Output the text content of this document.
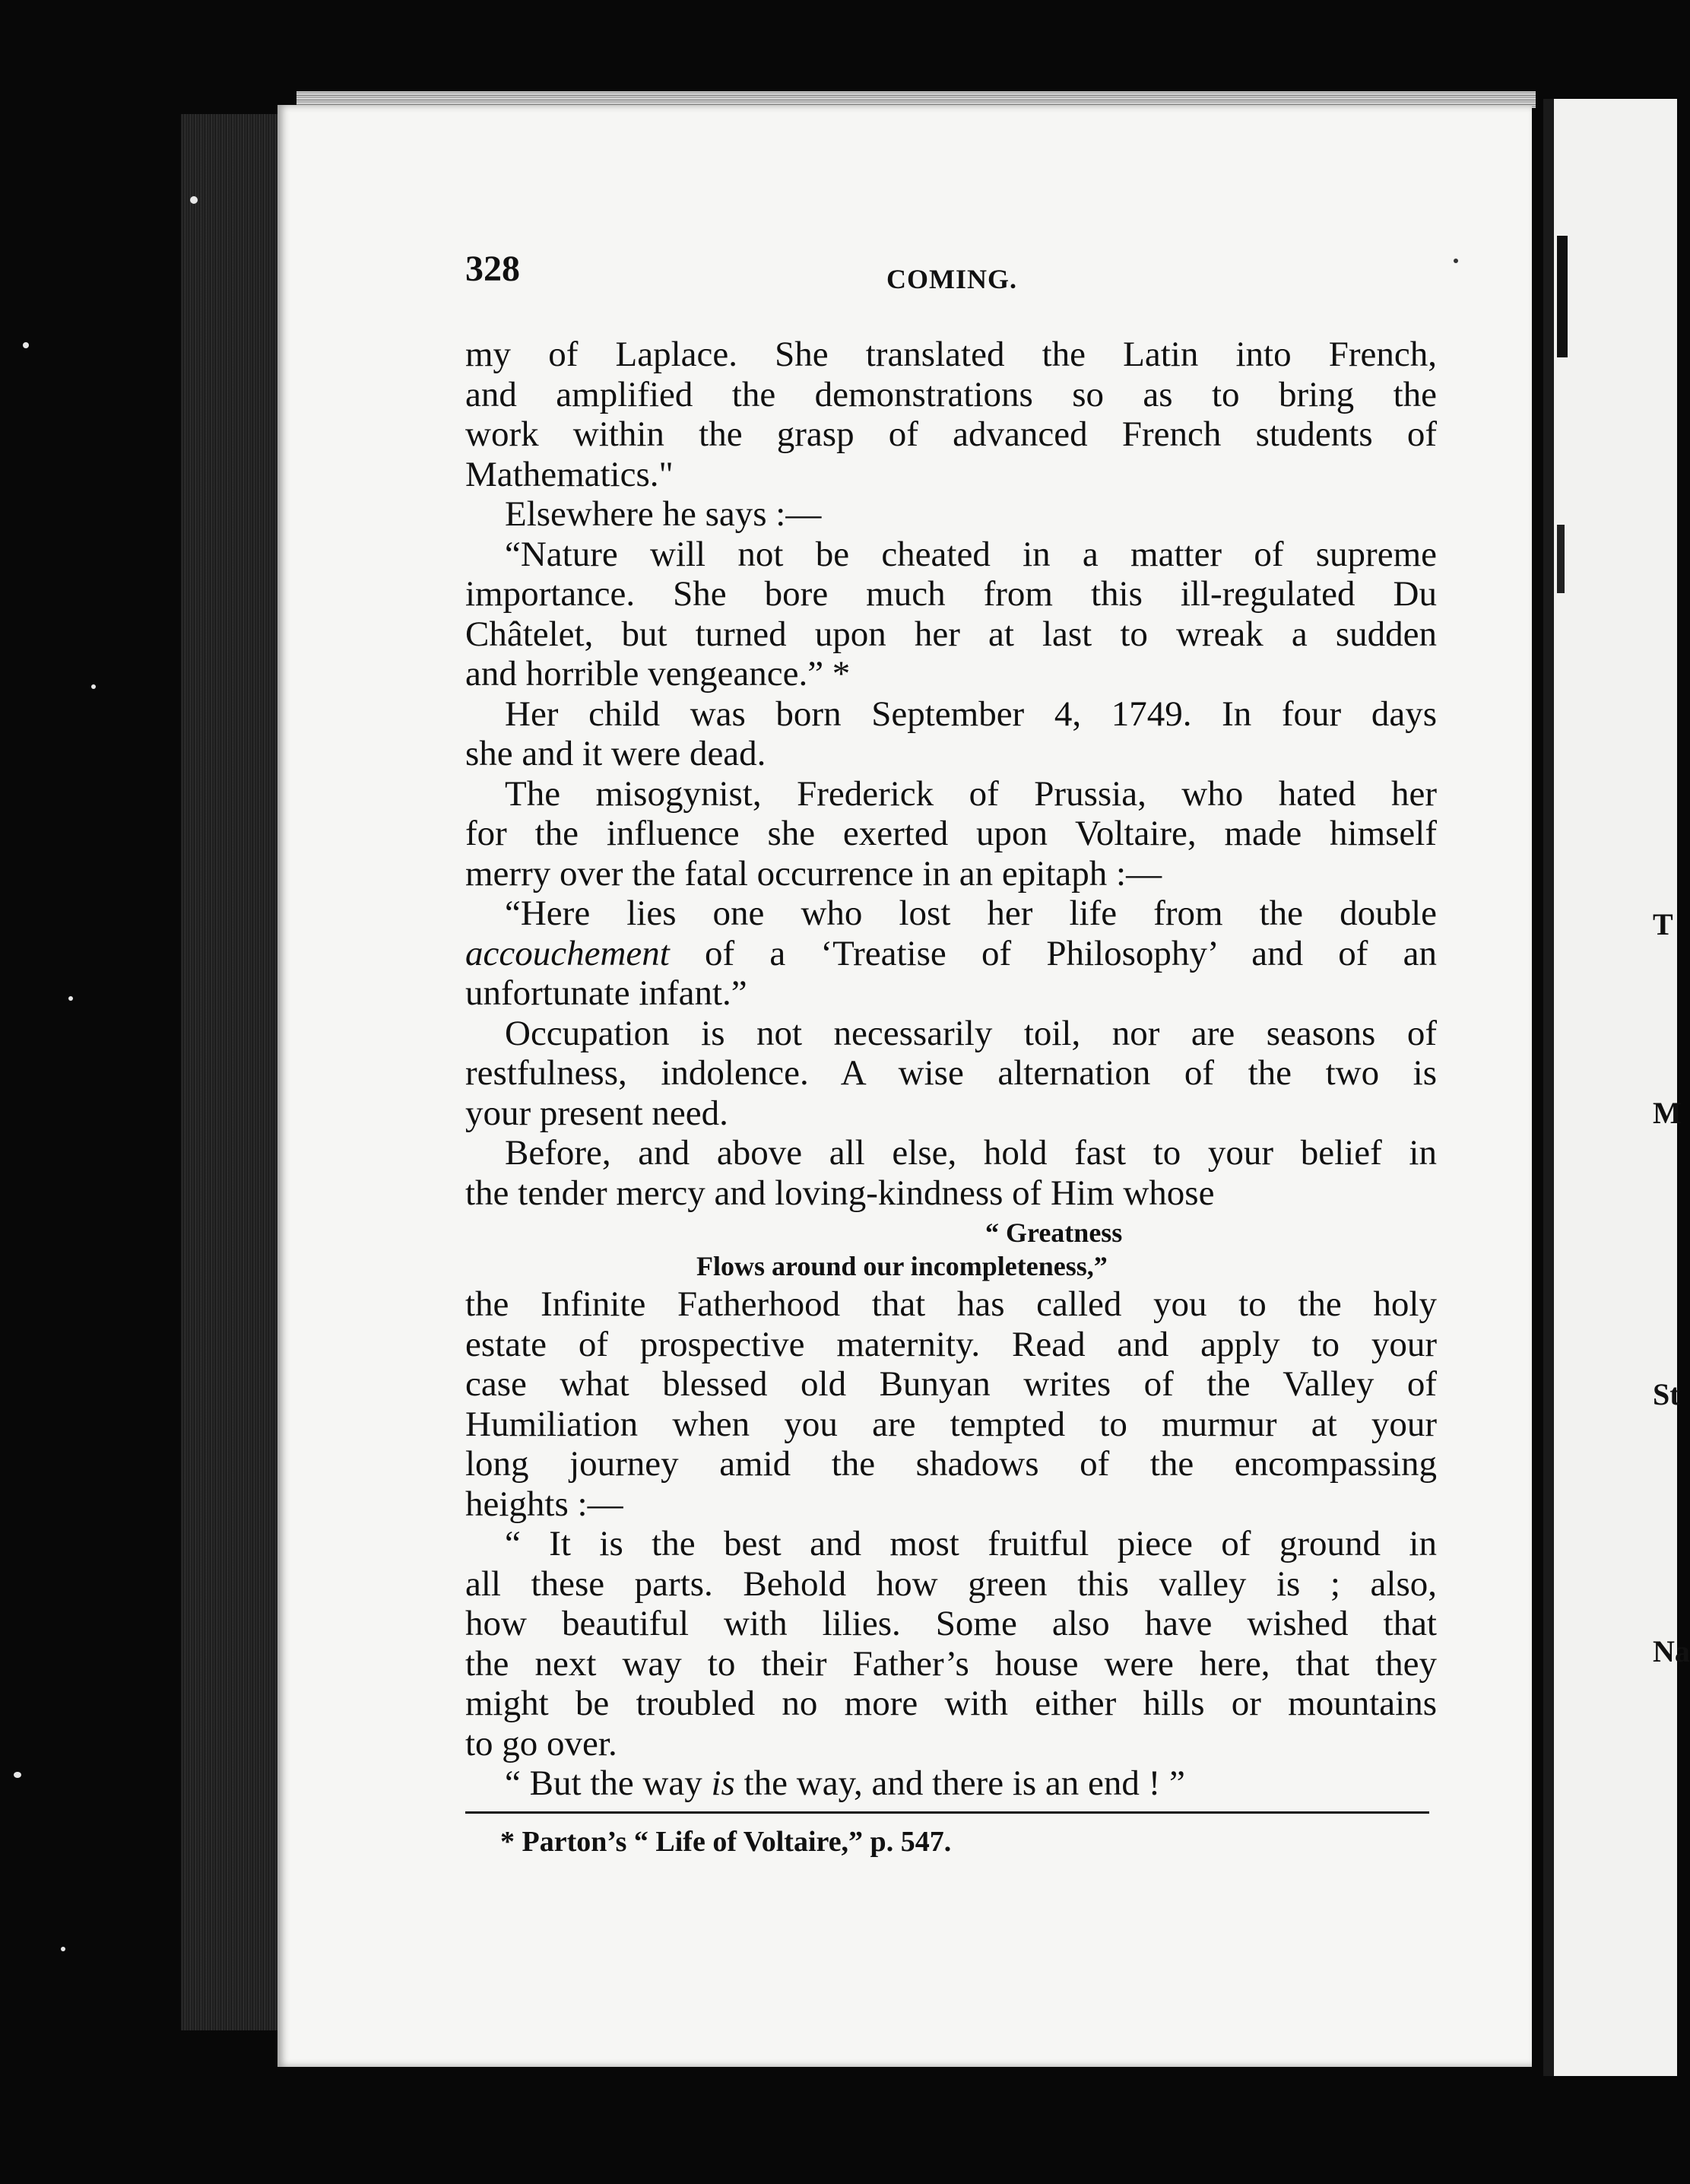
T
M
St
Na
328	COMING.
my of Laplace. She translated the Latin into French,
and amplified the demonstrations so as to bring the
work within the grasp of advanced French students of
Mathematics."
Elsewhere he says :—
“Nature will not be cheated in a matter of supreme
importance. She bore much from this ill-regulated Du
Châtelet, but turned upon her at last to wreak a sudden
and horrible vengeance.” *
Her child was born September 4, 1749. In four days
she and it were dead.
The misogynist, Frederick of Prussia, who hated her
for the influence she exerted upon Voltaire, made himself
merry over the fatal occurrence in an epitaph :—
“Here lies one who lost her life from the double
accouchement of a ‘Treatise of Philosophy’ and of an
unfortunate infant.”
Occupation is not necessarily toil, nor are seasons of
restfulness, indolence. A wise alternation of the two is
your present need.
Before, and above all else, hold fast to your belief in
the tender mercy and loving-kindness of Him whose
“ Greatness
Flows around our incompleteness,”
the Infinite Fatherhood that has called you to the holy
estate of prospective maternity. Read and apply to your
case what blessed old Bunyan writes of the Valley of
Humiliation when you are tempted to murmur at your
long journey amid the shadows of the encompassing
heights :—
“ It is the best and most fruitful piece of ground in
all these parts. Behold how green this valley is ; also,
how beautiful with lilies. Some also have wished that
the next way to their Father’s house were here, that they
might be troubled no more with either hills or mountains
to go over.
“ But the way is the way, and there is an end ! ”
* Parton’s “ Life of Voltaire,” p. 547.
